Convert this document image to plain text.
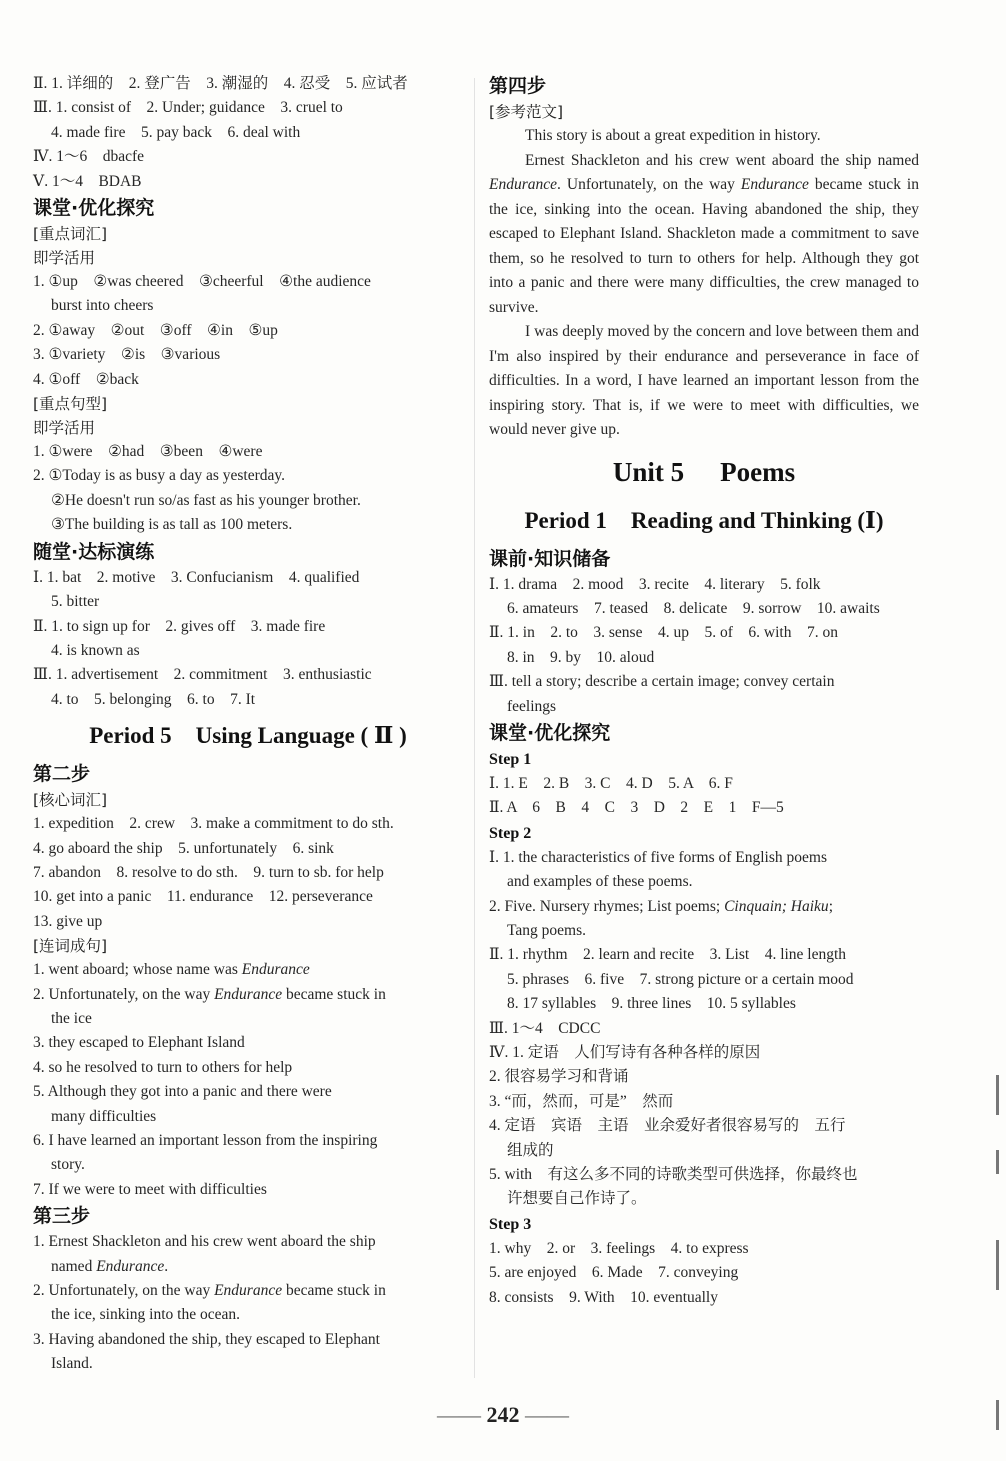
Ⅱ. 1. 详细的　2. 登广告　3. 潮湿的　4. 忍受　5. 应试者
Ⅲ. 1. consist of　2. Under; guidance　3. cruel to
4. made fire　5. pay back　6. deal with
Ⅳ. 1～6　dbacfe
Ⅴ. 1～4　BDAB
课堂·优化探究
[重点词汇]
即学活用
1. ①up　②was cheered　③cheerful　④the audience
burst into cheers
2. ①away　②out　③off　④in　⑤up
3. ①variety　②is　③various
4. ①off　②back
[重点句型]
即学活用
1. ①were　②had　③been　④were
2. ①Today is as busy a day as yesterday.
②He doesn't run so/as fast as his younger brother.
③The building is as tall as 100 meters.
随堂·达标演练
Ⅰ. 1. bat　2. motive　3. Confucianism　4. qualified
5. bitter
Ⅱ. 1. to sign up for　2. gives off　3. made fire
4. is known as
Ⅲ. 1. advertisement　2. commitment　3. enthusiastic
4. to　5. belonging　6. to　7. It
Period 5 Using Language ( Ⅱ )
第二步
[核心词汇]
1. expedition　2. crew　3. make a commitment to do sth.
4. go aboard the ship　5. unfortunately　6. sink
7. abandon　8. resolve to do sth.　9. turn to sb. for help
10. get into a panic　11. endurance　12. perseverance
13. give up
[连词成句]
1. went aboard; whose name was Endurance
2. Unfortunately, on the way Endurance became stuck in
the ice
3. they escaped to Elephant Island
4. so he resolved to turn to others for help
5. Although they got into a panic and there were
many difficulties
6. I have learned an important lesson from the inspiring
story.
7. If we were to meet with difficulties
第三步
1. Ernest Shackleton and his crew went aboard the ship
named Endurance.
2. Unfortunately, on the way Endurance became stuck in
the ice, sinking into the ocean.
3. Having abandoned the ship, they escaped to Elephant
Island.
第四步
[参考范文]
This story is about a great expedition in history.
Ernest Shackleton and his crew went aboard the ship named Endurance. Unfortunately, on the way Endurance became stuck in the ice, sinking into the ocean. Having abandoned the ship, they escaped to Elephant Island. Shackleton made a commitment to save them, so he resolved to turn to others for help. Although they got into a panic and there were many difficulties, the crew managed to survive.
I was deeply moved by the concern and love between them and I'm also inspired by their endurance and perseverance in face of difficulties. In a word, I have learned an important lesson from the inspiring story. That is, if we were to meet with difficulties, we would never give up.
Unit 5 Poems
Period 1 Reading and Thinking (Ⅰ)
课前·知识储备
Ⅰ. 1. drama　2. mood　3. recite　4. literary　5. folk
6. amateurs　7. teased　8. delicate　9. sorrow　10. awaits
Ⅱ. 1. in　2. to　3. sense　4. up　5. of　6. with　7. on
8. in　9. by　10. aloud
Ⅲ. tell a story; describe a certain image; convey certain
feelings
课堂·优化探究
Step 1
Ⅰ. 1. E　2. B　3. C　4. D　5. A　6. F
Ⅱ. A　6　B　4　C　3　D　2　E　1　F—5
Step 2
Ⅰ. 1. the characteristics of five forms of English poems
and examples of these poems.
2. Five. Nursery rhymes; List poems; Cinquain; Haiku;
Tang poems.
Ⅱ. 1. rhythm　2. learn and recite　3. List　4. line length
5. phrases　6. five　7. strong picture or a certain mood
8. 17 syllables　9. three lines　10. 5 syllables
Ⅲ. 1～4　CDCC
Ⅳ. 1. 定语　人们写诗有各种各样的原因
2. 很容易学习和背诵
3. “而，然而，可是”　然而
4. 定语　宾语　主语　业余爱好者很容易写的　五行
组成的
5. with　有这么多不同的诗歌类型可供选择，你最终也
许想要自己作诗了。
Step 3
1. why　2. or　3. feelings　4. to express
5. are enjoyed　6. Made　7. conveying
8. consists　9. With　10. eventually
—— 242 ——
